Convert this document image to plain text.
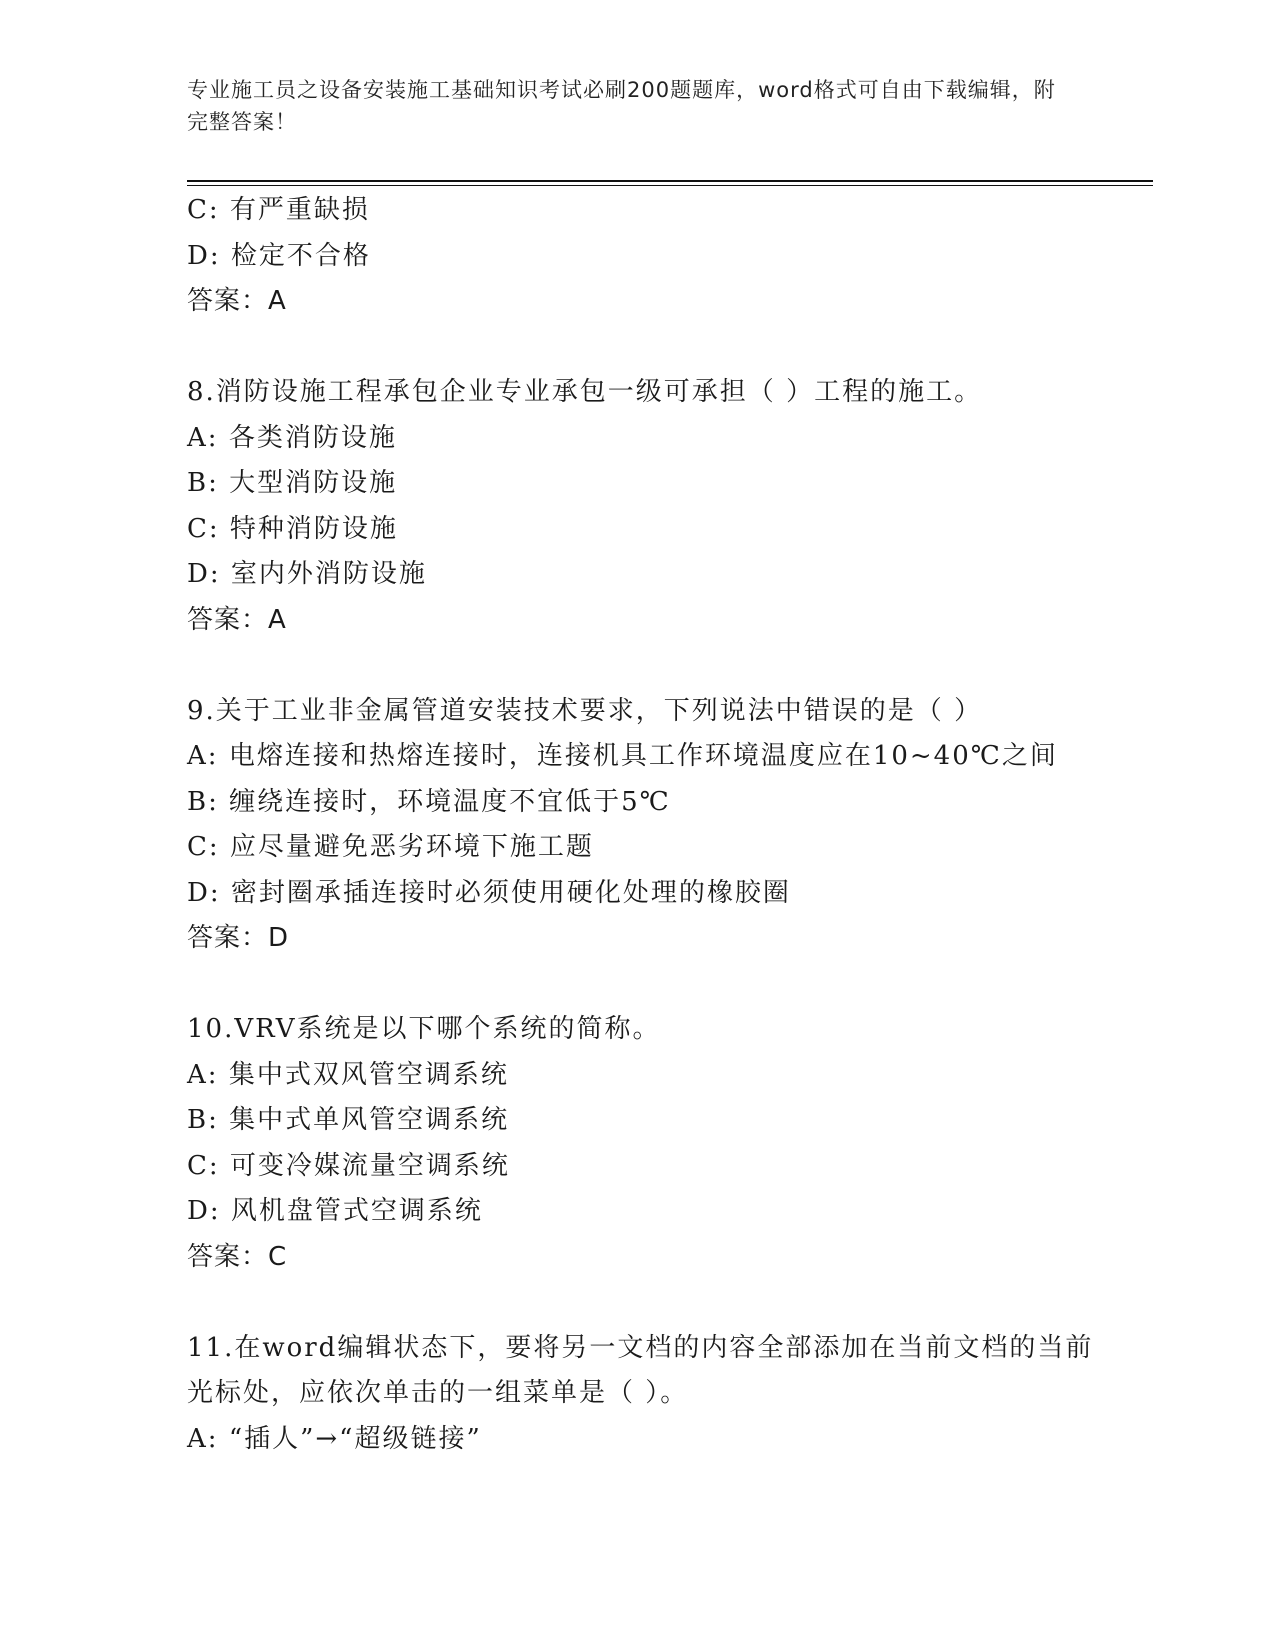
专业施工员之设备安装施工基础知识考试必刷200题题库，word格式可自由下载编辑，附完整答案！
C: 有严重缺损
D: 检定不合格
答案：A
8.消防设施工程承包企业专业承包一级可承担（ ）工程的施工。
A: 各类消防设施
B: 大型消防设施
C: 特种消防设施
D: 室内外消防设施
答案：A
9.关于工业非金属管道安装技术要求，下列说法中错误的是（ ）
A: 电熔连接和热熔连接时，连接机具工作环境温度应在10~40℃之间
B: 缠绕连接时，环境温度不宜低于5℃
C: 应尽量避免恶劣环境下施工题
D: 密封圈承插连接时必须使用硬化处理的橡胶圈
答案：D
10.VRV系统是以下哪个系统的简称。
A: 集中式双风管空调系统
B: 集中式单风管空调系统
C: 可变冷媒流量空调系统
D: 风机盘管式空调系统
答案：C
11.在word编辑状态下，要将另一文档的内容全部添加在当前文档的当前光标处，应依次单击的一组菜单是（ ）。
A: “插人”→“超级链接”
